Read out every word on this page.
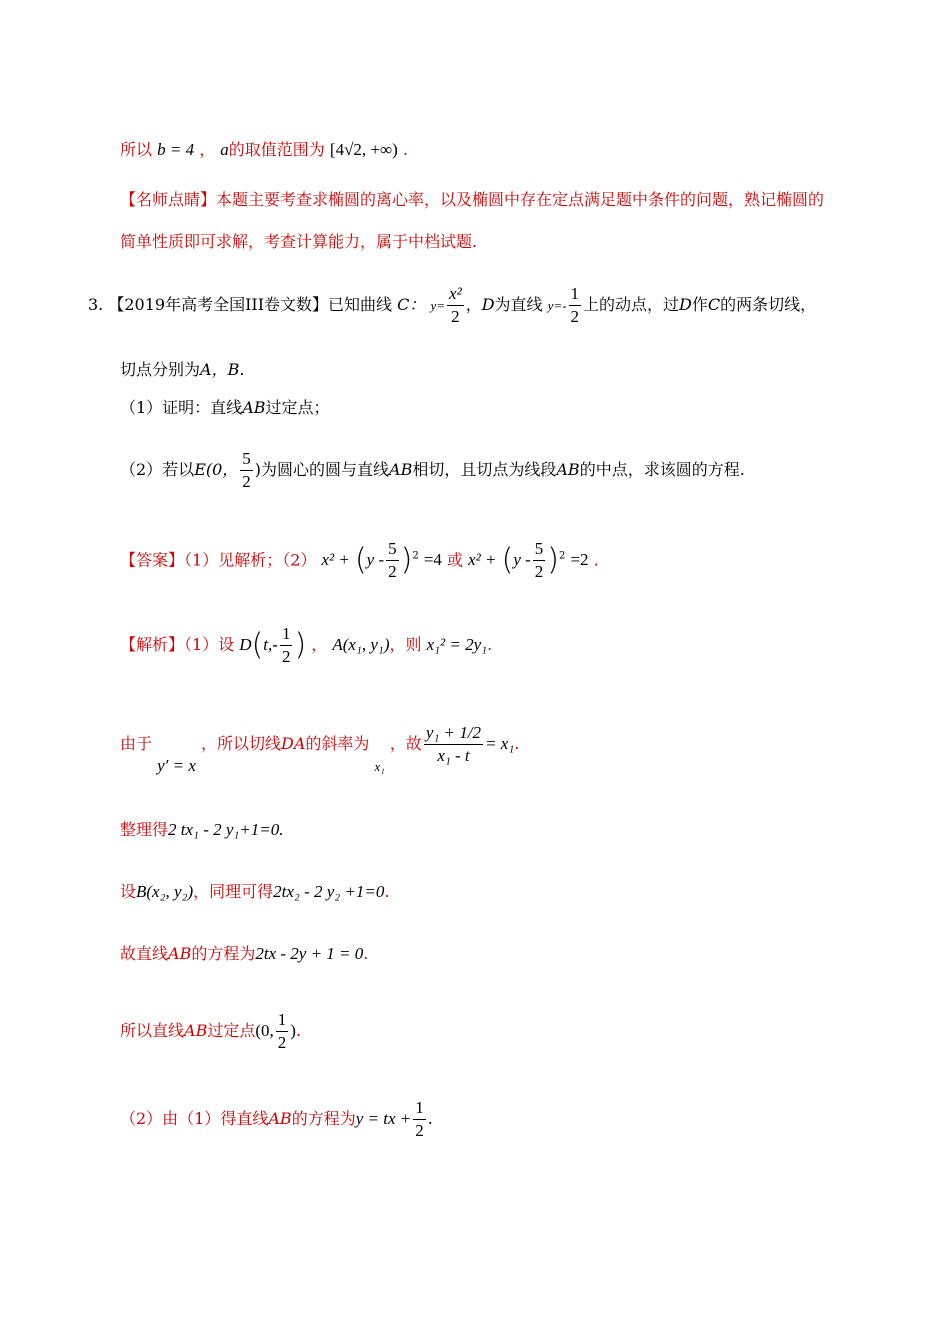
所以 b = 4 ， a的取值范围为 [4√2, +∞) .
【名师点睛】本题主要考查求椭圆的离心率，以及椭圆中存在定点满足题中条件的问题，熟记椭圆的
简单性质即可求解，考查计算能力，属于中档试题.
3. 【2019年高考全国III卷文数】已知曲线 C： $y= \frac{\text{x²}}{2}$ ，D为直线 $y=- \frac{1}{2}$ 上的动点，过D作C的两条切线，
切点分别为A，B.
（1）证明：直线AB过定点；
（2）若以E(0， $\frac{5}{2}$ )为圆心的圆与直线AB相切，且切点为线段AB的中点，求该圆的方程.
【答案】（1）见解析；（2） $x^2 + (y - \frac{5}{2} )^2 =4$ 或 $x^2 + (y - \frac{5}{2} )^2 =2$ .
【解析】（1）设 $D(t,- \frac{1}{2}$ ) ， A(x₁, y₁)，则 x₁² = 2y₁.
由于 y′ = x ，所以切线DA的斜率为 $_{x_1}$ ，故 $\frac{\text{y₁ + 1/2}}{\text{x₁ - t}} = x_1$.
整理得2 tx₁ - 2 y₁+1=0.
设B(x₂, y₂)，同理可得2tx₂ - 2 y₂ +1=0.
故直线AB的方程为2tx - 2y + 1 = 0.
所以直线AB过定点(0, $\frac{1}{2}$ ).
（2）由（1）得直线AB的方程为y = tx + $\frac{1}{2}$ .
